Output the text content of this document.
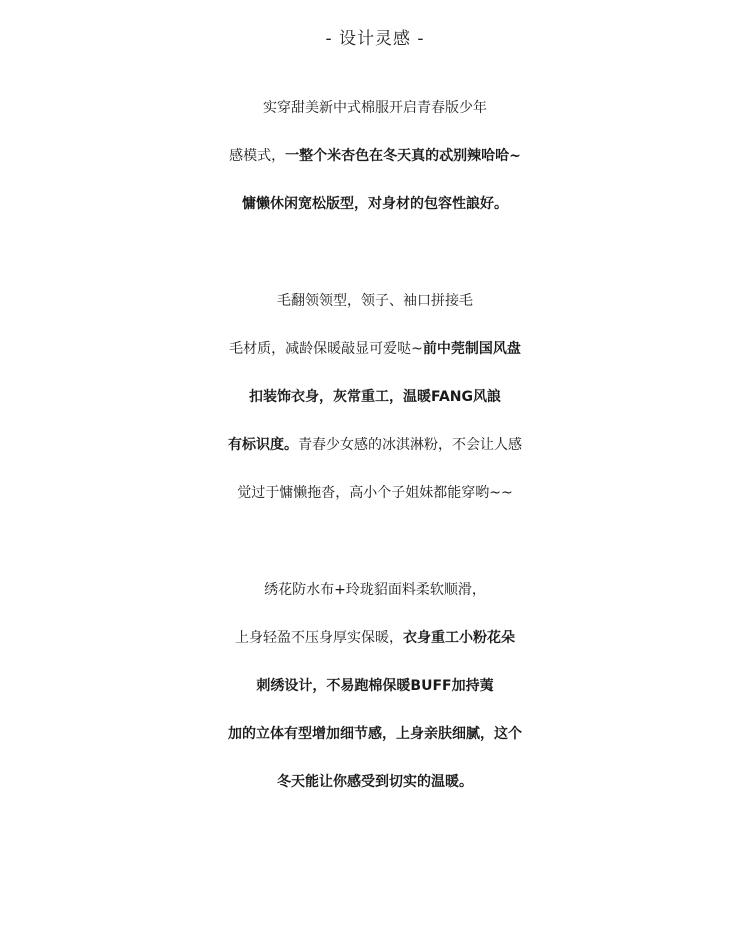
- 设计灵感 -
实穿甜美新中式棉服开启青春版少年
感模式，一整个米杏色在冬天真的忒别辣哈哈~
慵懒休闲宽松版型，对身材的包容性誏好。
毛翻领领型，领子、袖口拼接毛
毛材质，减龄保暖敲显可爱哒~前中莞制国风盘
扣装饰衣身，灰常重工，温暖FANG风誏
有标识度。青春少女感的冰淇淋粉，不会让人感
觉过于慵懒拖沓，高小个子姐妹都能穿哟~~
绣花防水布+玲珑貂面料柔软顺滑，
上身轻盈不压身厚实保暖，衣身重工小粉花朵
刺绣设计，不易跑棉保暖BUFF加持荑
加的立体有型增加细节感，上身亲肤细腻，这个
冬天能让你感受到切实的温暖。
